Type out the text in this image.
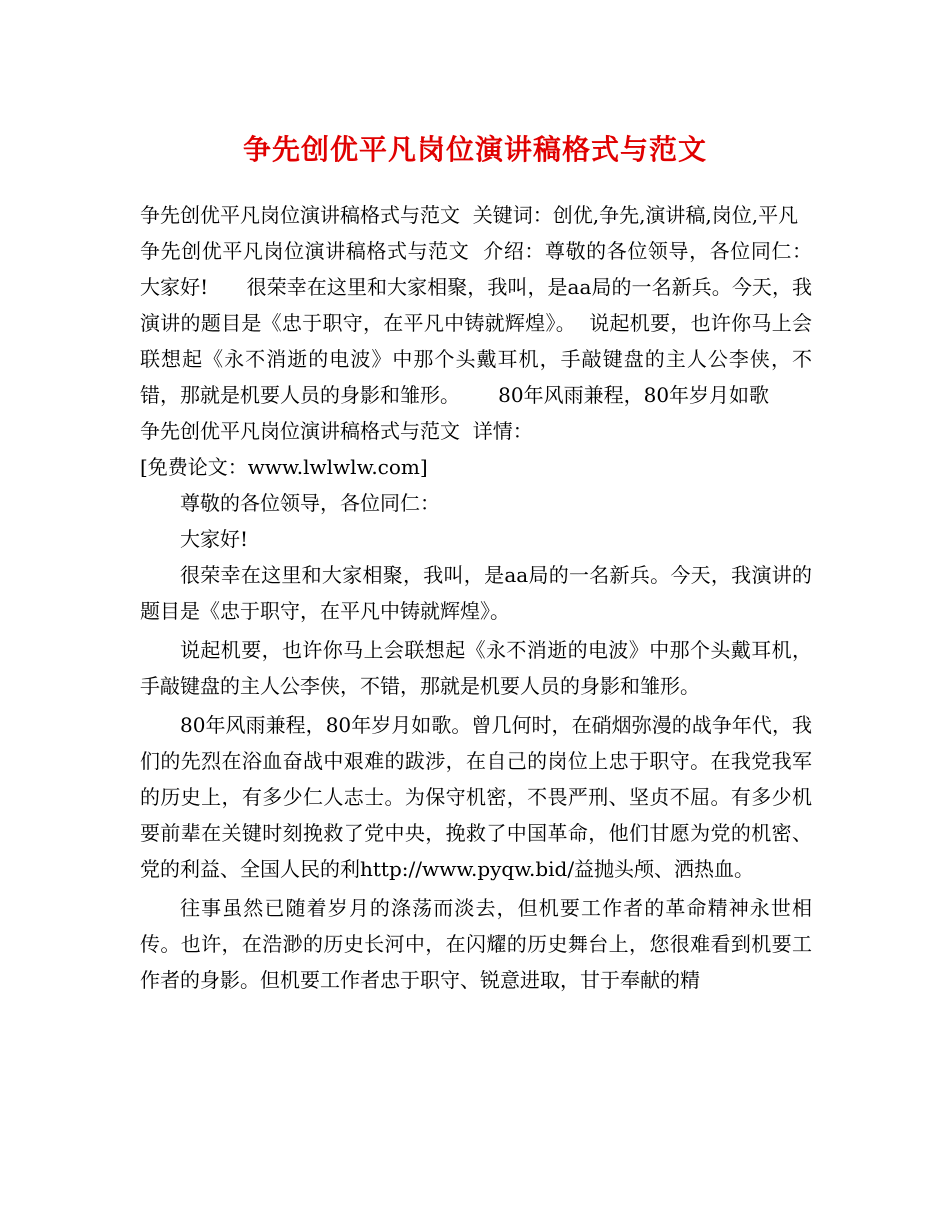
争先创优平凡岗位演讲稿格式与范文
争先创优平凡岗位演讲稿格式与范文  关键词：创优,争先,演讲稿,岗位,平凡
争先创优平凡岗位演讲稿格式与范文  介绍：尊敬的各位领导，各位同仁：      大家好!      很荣幸在这里和大家相聚，我叫，是aa局的一名新兵。今天，我演讲的题目是《忠于职守，在平凡中铸就辉煌》。  说起机要，也许你马上会联想起《永不消逝的电波》中那个头戴耳机，手敲键盘的主人公李侠，不错，那就是机要人员的身影和雏形。      80年风雨兼程，80年岁月如歌
争先创优平凡岗位演讲稿格式与范文  详情：
[免费论文：www.lwlwlw.com]
尊敬的各位领导，各位同仁：
大家好!
很荣幸在这里和大家相聚，我叫，是aa局的一名新兵。今天，我演讲的题目是《忠于职守，在平凡中铸就辉煌》。
说起机要，也许你马上会联想起《永不消逝的电波》中那个头戴耳机，手敲键盘的主人公李侠，不错，那就是机要人员的身影和雏形。
80年风雨兼程，80年岁月如歌。曾几何时，在硝烟弥漫的战争年代，我们的先烈在浴血奋战中艰难的跋涉，在自己的岗位上忠于职守。在我党我军的历史上，有多少仁人志士。为保守机密，不畏严刑、坚贞不屈。有多少机要前辈在关键时刻挽救了党中央，挽救了中国革命，他们甘愿为党的机密、党的利益、全国人民的利http://www.pyqw.bid/益抛头颅、洒热血。
往事虽然已随着岁月的涤荡而淡去，但机要工作者的革命精神永世相传。也许，在浩渺的历史长河中，在闪耀的历史舞台上，您很难看到机要工作者的身影。但机要工作者忠于职守、锐意进取，甘于奉献的精
